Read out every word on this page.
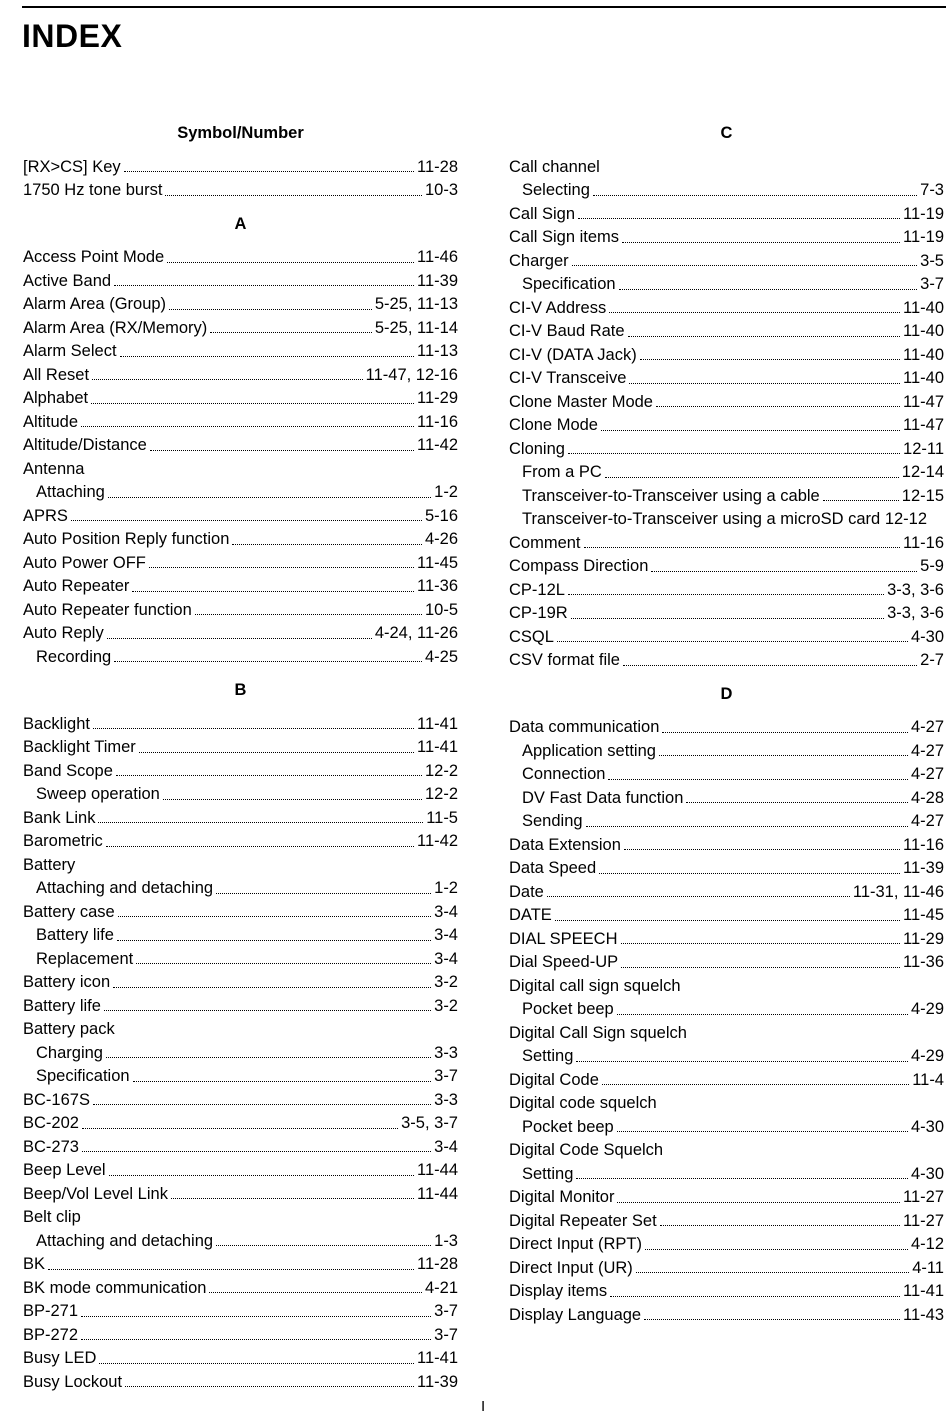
INDEX
Symbol/Number
[RX>CS] Key	11-28
1750 Hz tone burst	10-3
A
Access Point Mode	11-46
Active Band	11-39
Alarm Area (Group)	5-25, 11-13
Alarm Area (RX/Memory)	5-25, 11-14
Alarm Select	11-13
All Reset	11-47, 12-16
Alphabet	11-29
Altitude	11-16
Altitude/Distance	11-42
Antenna
Attaching	1-2
APRS	5-16
Auto Position Reply function	4-26
Auto Power OFF	11-45
Auto Repeater	11-36
Auto Repeater function	10-5
Auto Reply	4-24, 11-26
Recording	4-25
B
Backlight	11-41
Backlight Timer	11-41
Band Scope	12-2
Sweep operation	12-2
Bank Link	11-5
Barometric	11-42
Battery
Attaching and detaching	1-2
Battery case	3-4
Battery life	3-4
Replacement	3-4
Battery icon	3-2
Battery life	3-2
Battery pack
Charging	3-3
Specification	3-7
BC-167S	3-3
BC-202	3-5, 3-7
BC-273	3-4
Beep Level	11-44
Beep/Vol Level Link	11-44
Belt clip
Attaching and detaching	1-3
BK	11-28
BK mode communication	4-21
BP-271	3-7
BP-272	3-7
Busy LED	11-41
Busy Lockout	11-39
C
Call channel
Selecting	7-3
Call Sign	11-19
Call Sign items	11-19
Charger	3-5
Specification	3-7
CI-V Address	11-40
CI-V Baud Rate	11-40
CI-V (DATA Jack)	11-40
CI-V Transceive	11-40
Clone Master Mode	11-47
Clone Mode	11-47
Cloning	12-11
From a PC	12-14
Transceiver-to-Transceiver using a cable	12-15
Transceiver-to-Transceiver using a microSD card 12-12
Comment	11-16
Compass Direction	5-9
CP-12L	3-3, 3-6
CP-19R	3-3, 3-6
CSQL	4-30
CSV format file	2-7
D
Data communication	4-27
Application setting	4-27
Connection	4-27
DV Fast Data function	4-28
Sending	4-27
Data Extension	11-16
Data Speed	11-39
Date	11-31, 11-46
DATE	11-45
DIAL SPEECH	11-29
Dial Speed-UP	11-36
Digital call sign squelch
Pocket beep	4-29
Digital Call Sign squelch
Setting	4-29
Digital Code	11-4
Digital code squelch
Pocket beep	4-30
Digital Code Squelch
Setting	4-30
Digital Monitor	11-27
Digital Repeater Set	11-27
Direct Input (RPT)	4-12
Direct Input (UR)	4-11
Display items	11-41
Display Language	11-43
I
